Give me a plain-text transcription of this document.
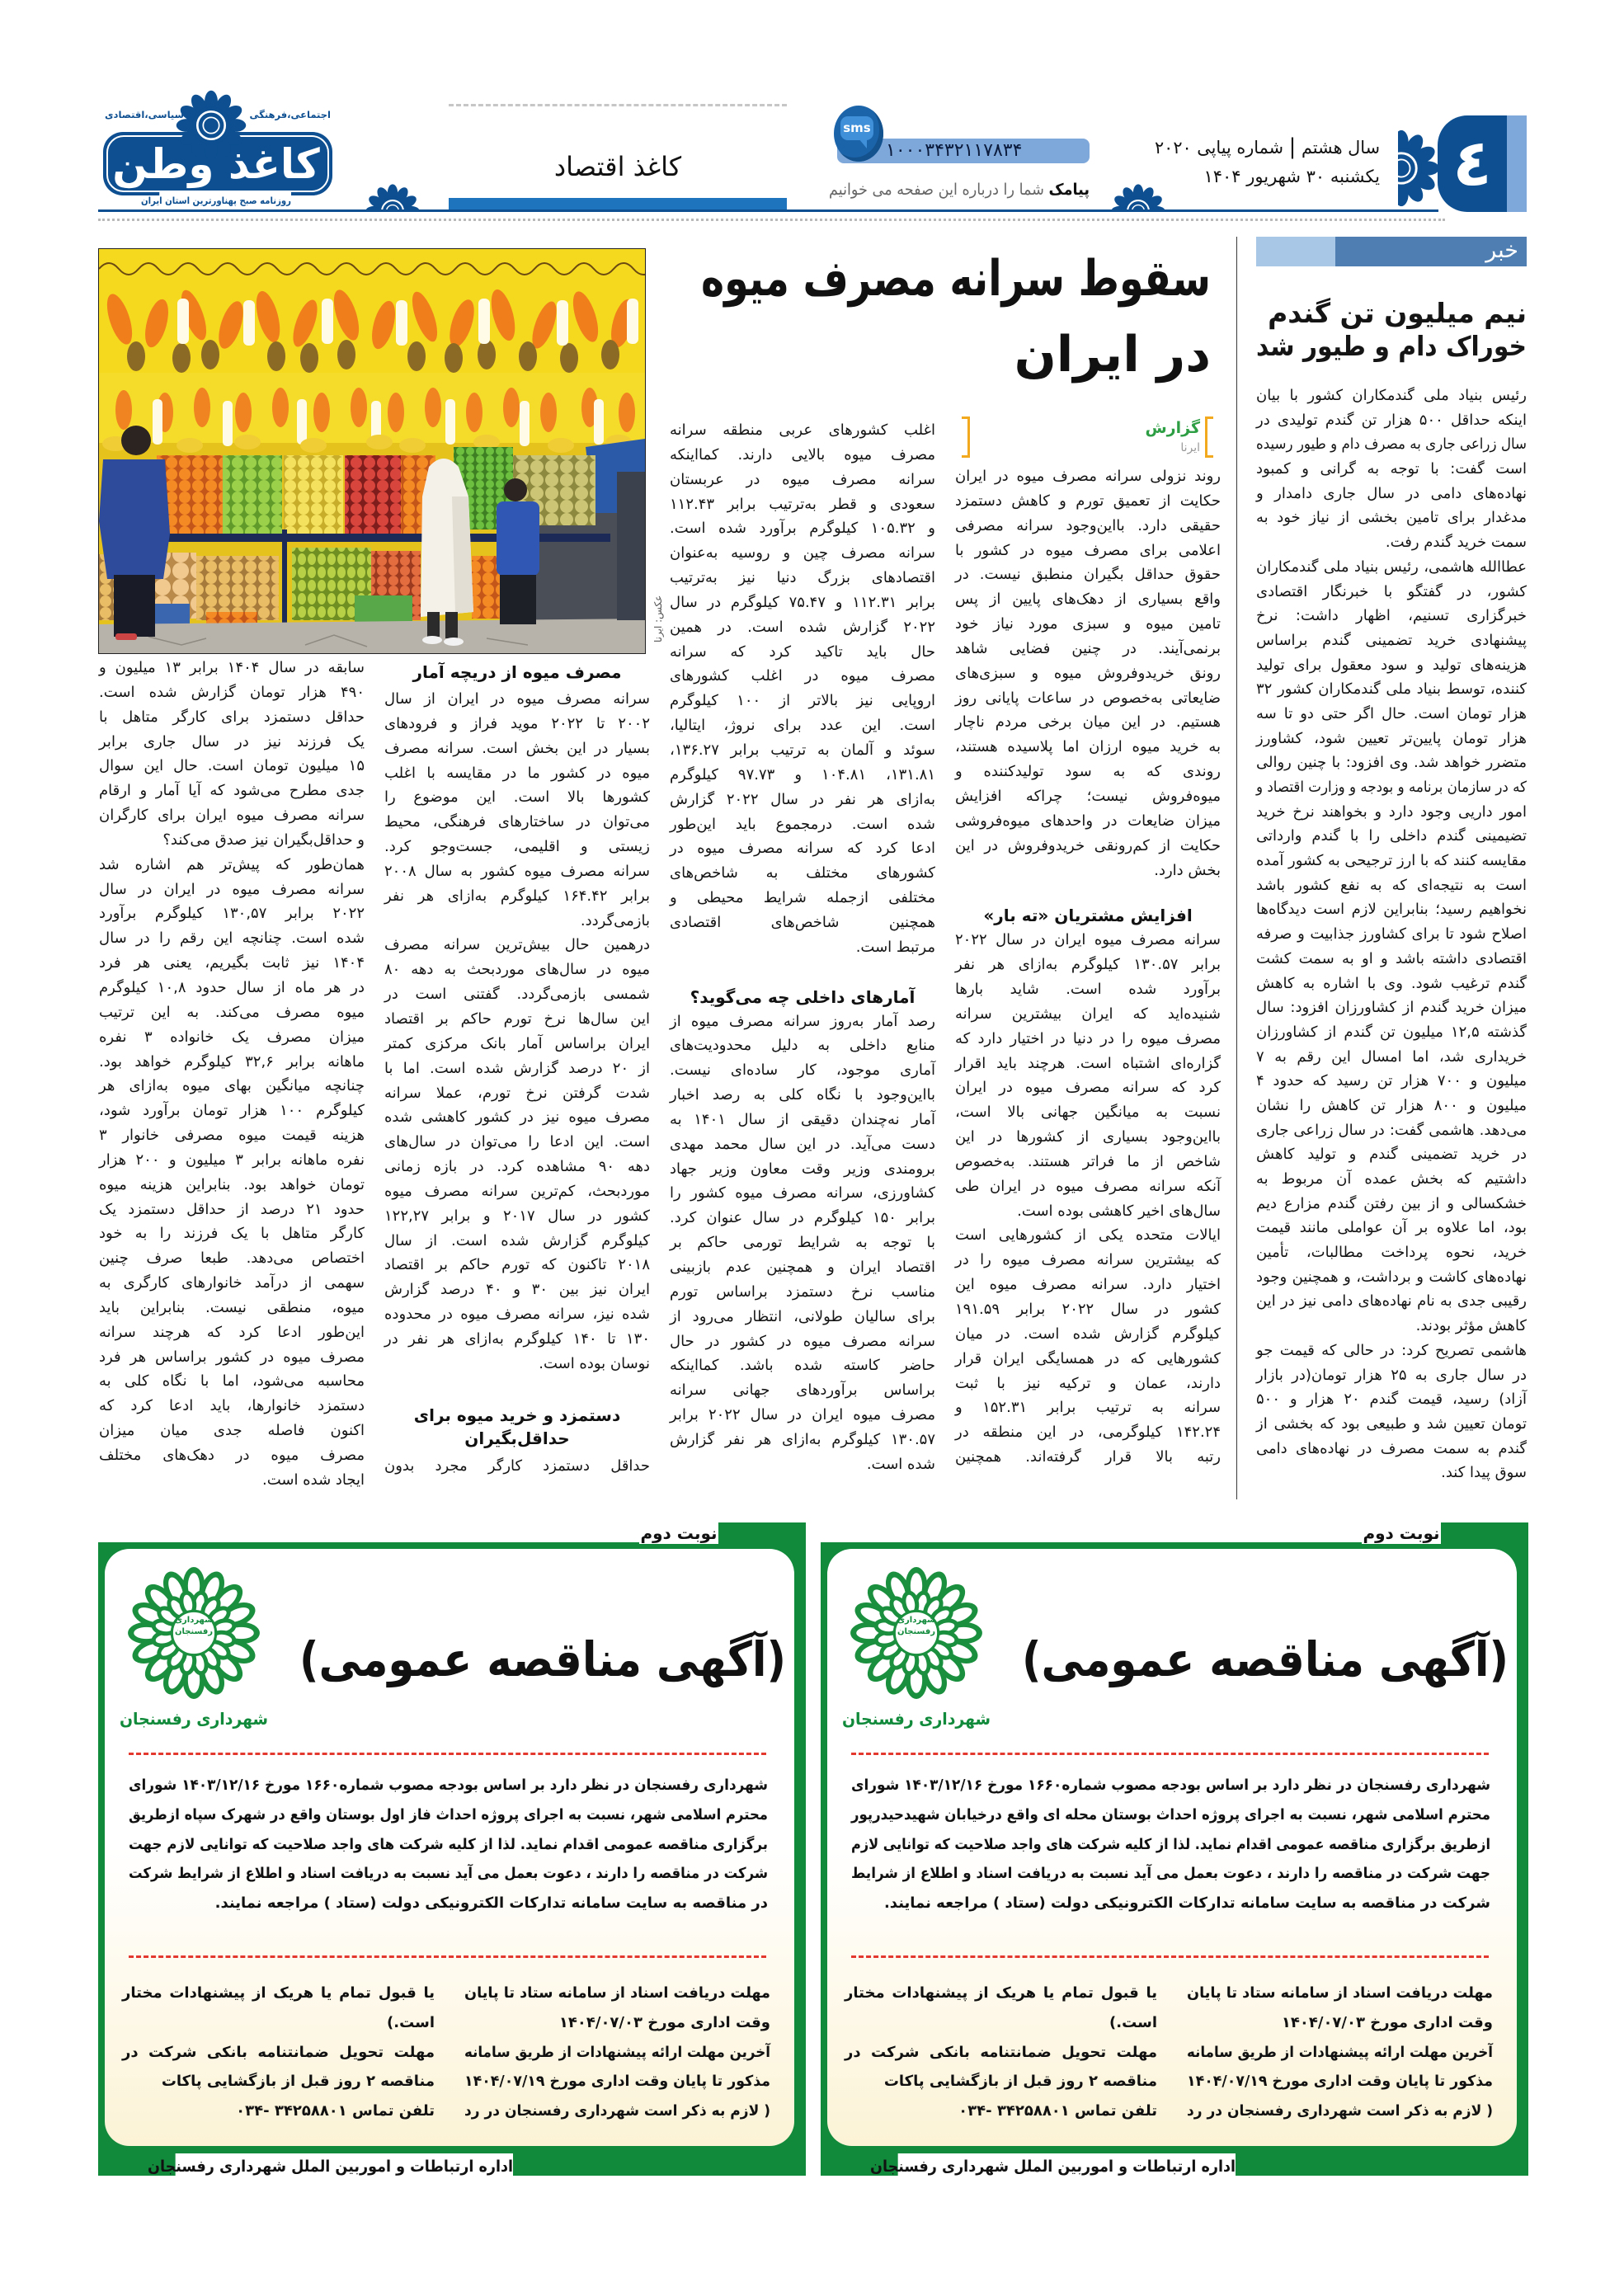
اجتماعی،فرهنگی
سیاسی،اقتصادی
کاغذ وطن
روزنامه صبح پهناورترین استان ایران
کاغذ اقتصاد
۱۰۰۰۳۴۳۲۱۱۷۸۳۴
sms
پیامک شما را درباره این صفحه می خوانیم
سال هشتم | شماره پیاپی ۲۰۲۰
یکشنبه ۳۰ شهریور ۱۴۰۴ ٤
خبر
نیم میلیون تن گندم
خوراک دام و طیور شد
رئیس بنیاد ملی گندمکاران کشور با بیان
اینکه حداقل ۵۰۰ هزار تن گندم تولیدی در
سال زراعی جاری به مصرف دام و طیور رسیده
است گفت: با توجه به گرانی و کمبود
نهاده‌های دامی در سال جاری دامدار و
مدغدار برای تامین بخشی از نیاز خود به
سمت خرید گندم رفت.
عطاالله هاشمی، رئیس بنیاد ملی گندمکاران
کشور، در گفتگو با خبرنگار اقتصادی
خبرگزاری تسنیم، اظهار داشت: نرخ
پیشنهادی خرید تضمینی گندم براساس
هزینه‌های تولید و سود معقول برای تولید
کننده، توسط بنیاد ملی گندمکاران کشور ۳۲
هزار تومان است. حال اگر حتی دو تا سه
هزار تومان پایین‌تر تعیین شود، کشاورز
متضرر خواهد شد. وی افزود: با چنین روالی
که در سازمان برنامه و بودجه و وزارت اقتصاد و
امور داریی وجود دارد و بخواهند نرخ خرید
تضیمینی گندم داخلی را با گندم وارداتی
مقایسه کنند که با ارز ترجیحی به کشور آمده
است به نتیجه‌ای که به نفع کشور باشد
نخواهیم رسید؛ بنابراین لازم است دیدگاه‌ها
اصلاح شود تا برای کشاورز جذابیت و صرفه
اقتصادی داشته باشد و او به سمت کشت
گندم ترغیب شود. وی با اشاره به کاهش
میزان خرید گندم از کشاورزان افزود: سال
گذشته ۱۲,۵ میلیون تن گندم از کشاورزان
خریداری شد، اما امسال این رقم به ۷
میلیون و ۷۰۰ هزار تن رسید که حدود ۴
میلیون و ۸۰۰ هزار تن کاهش را نشان
می‌دهد. هاشمی گفت: در سال زراعی جاری
در خرید تضمینی گندم و تولید کاهش
داشتیم که بخش عمده آن مربوط به
خشکسالی و از بین رفتن گندم مزارع دیم
بود، اما علاوه بر آن عواملی مانند قیمت
خرید، نحوه پرداخت مطالبات، تأمین
نهاده‌های کاشت و برداشت، و همچنین وجود
رقیبی جدی به نام نهاده‌های دامی نیز در این
کاهش مؤثر بودند.
هاشمی تصریح کرد: در حالی که قیمت جو
در سال جاری به ۲۵ هزار تومان(در بازار
آزاد) رسید، قیمت گندم ۲۰ هزار و ۵۰۰
تومان تعیین شد و طبیعی بود که بخشی از
گندم به سمت مصرف در نهاده‌های دامی
سوق پیدا کند.
سقوط سرانه مصرف میوه
در ایران
گزارش
ایرنا
عکس: ایرنا
روند نزولی سرانه مصرف میوه در ایران
حکایت از تعمیق تورم و کاهش دستمزد
حقیقی دارد. بااین‌وجود سرانه مصرفی
اعلامی برای مصرف میوه در کشور با
حقوق حداقل بگیران منطبق نیست. در
واقع بسیاری از دهک‌های پایین از پس
تامین میوه و سبزی مورد نیاز خود
برنمی‌آیند. در چنین فضایی شاهد
رونق خریدوفروش میوه و سبزی‌های
ضایعاتی به‌خصوص در ساعات پایانی روز
هستیم. در این میان برخی مردم ناچار
به خرید میوه ارزان اما پلاسیده هستند،
روندی که به سود تولیدکننده و
میوه‌فروش نیست؛ چراکه افزایش
میزان ضایعات در واحدهای میوه‌فروشی
حکایت از کم‌رونقی خریدوفروش در این
بخش دارد.
افزایش مشتریان «ته بار»
سرانه مصرف میوه ایران در سال ۲۰۲۲
برابر ۱۳۰.۵۷ کیلوگرم به‌ازای هر نفر
برآورد شده است. شاید بارها
شنیده‌اید که ایران بیشترین سرانه
مصرف میوه را در دنیا در اختیار دارد که
گزاره‌ای اشتباه است. هرچند باید اقرار
کرد که سرانه مصرف میوه در ایران
نسبت به میانگین جهانی بالا است،
بااین‌وجود بسیاری از کشورها در این
شاخص از ما فراتر هستند. به‌خصوص
آنکه سرانه مصرف میوه در ایران طی
سال‌های اخیر کاهشی بوده است.
ایالات متحده یکی از کشورهایی است
که بیشترین سرانه مصرف میوه را در
اختیار دارد. سرانه مصرف میوه این
کشور در سال ۲۰۲۲ برابر ۱۹۱.۵۹
کیلوگرم گزارش شده است. در میان
کشورهایی که در همسایگی ایران قرار
دارند، عمان و ترکیه نیز با ثبت
سرانه به ترتیب برابر ۱۵۲.۳۱ و
۱۴۲.۲۴ کیلوگرمی، در این منطقه در
رتبه بالا قرار گرفته‌اند. همچنین
اغلب کشورهای عربی منطقه سرانه
مصرف میوه بالایی دارند. کمااینکه
سرانه مصرف میوه در عربستان
سعودی و قطر به‌ترتیب برابر ۱۱۲.۴۳
و ۱۰۵.۳۲ کیلوگرم برآورد شده است.
سرانه مصرف چین و روسیه به‌عنوان
اقتصادهای بزرگ دنیا نیز به‌ترتیب
برابر ۱۱۲.۳۱ و ۷۵.۴۷ کیلوگرم در سال
۲۰۲۲ گزارش شده است. در همین
حال باید تاکید کرد که سرانه
مصرف میوه در اغلب کشورهای
اروپایی نیز بالاتر از ۱۰۰ کیلوگرم
است. این عدد برای نروژ، ایتالیا،
سوئد و آلمان به ترتیب برابر ۱۳۶.۲۷،
۱۳۱.۸۱، ۱۰۴.۸۱ و ۹۷.۷۳ کیلوگرم
به‌ازای هر نفر در سال ۲۰۲۲ گزارش
شده است. درمجموع باید این‌طور
ادعا کرد که سرانه مصرف میوه در
کشورهای مختلف به شاخص‌های
مختلفی ازجمله شرایط محیطی و
همچنین شاخص‌های اقتصادی
مرتبط است.
آمارهای داخلی چه می‌گوید؟
رصد آمار به‌روز سرانه مصرف میوه از
منابع داخلی به دلیل محدودیت‌های
آماری موجود، کار ساده‌ای نیست.
بااین‌وجود با نگاه کلی به رصد اخبار
آمار نه‌چندان دقیقی از سال ۱۴۰۱ به
دست می‌آید. در این سال محمد مهدی
برومندی وزیر وقت معاون وزیر جهاد
کشاورزی، سرانه مصرف میوه کشور را
برابر ۱۵۰ کیلوگرم در سال عنوان کرد.
با توجه به شرایط تورمی حاکم بر
اقتصاد ایران و همچنین عدم بازبینی
مناسب نرخ دستمزد براساس تورم
برای سالیان طولانی، انتظار می‌رود از
سرانه مصرف میوه در کشور در حال
حاضر کاسته شده باشد. کمااینکه
براساس برآوردهای جهانی سرانه
مصرف میوه ایران در سال ۲۰۲۲ برابر
۱۳۰.۵۷ کیلوگرم به‌ازای هر نفر گزارش
شده است.
مصرف میوه از دریچه آمار
سرانه مصرف میوه در ایران از سال
۲۰۰۲ تا ۲۰۲۲ موید فراز و فرودهای
بسیار در این بخش است. سرانه مصرف
میوه در کشور ما در مقایسه با اغلب
کشورها بالا است. این موضوع را
می‌توان در ساختارهای فرهنگی، محیط
زیستی و اقلیمی، جست‌وجو کرد.
سرانه مصرف میوه کشور به سال ۲۰۰۸
برابر ۱۶۴.۴۲ کیلوگرم به‌ازای هر نفر
بازمی‌گردد.
درهمین حال بیش‌ترین سرانه مصرف
میوه در سال‌های موردبحث به دهه ۸۰
شمسی بازمی‌گردد. گفتنی است در
این سال‌ها نرخ تورم حاکم بر اقتصاد
ایران براساس آمار بانک مرکزی کمتر
از ۲۰ درصد گزارش شده است. اما با
شدت گرفتن نرخ تورم، عملا سرانه
مصرف میوه نیز در کشور کاهشی شده
است. این ادعا را می‌توان در سال‌های
دهه ۹۰ مشاهده کرد. در بازه زمانی
موردبحث، کم‌ترین سرانه مصرف میوه
کشور در سال ۲۰۱۷ و برابر ۱۲۲,۲۷
کیلوگرم گزارش شده است. از سال
۲۰۱۸ تاکنون که تورم حاکم بر اقتصاد
ایران نیز بین ۳۰ و ۴۰ درصد گزارش
شده نیز، سرانه مصرف میوه در محدوده
۱۳۰ تا ۱۴۰ کیلوگرم به‌ازای هر نفر در
نوسان بوده است.
دستمزد و خرید میوه برای
حداقل‌بگیران
حداقل دستمزد کارگر مجرد بدون
سابقه در سال ۱۴۰۴ برابر ۱۳ میلیون و
۴۹۰ هزار تومان گزارش شده است.
حداقل دستمزد برای کارگر متاهل با
یک فرزند نیز در سال جاری برابر
۱۵ میلیون تومان است. حال این سوال
جدی مطرح می‌شود که آیا آمار و ارقام
سرانه مصرف میوه ایران برای کارگران
و حداقل‌بگیران نیز صدق می‌کند؟
همان‌طور که پیش‌تر هم اشاره شد
سرانه مصرف میوه در ایران در سال
۲۰۲۲ برابر ۱۳۰,۵۷ کیلوگرم برآورد
شده است. چنانچه این رقم را در سال
۱۴۰۴ نیز ثابت بگیریم، یعنی هر فرد
در هر ماه از سال حدود ۱۰,۸ کیلوگرم
میوه مصرف می‌کند. به این ترتیب
میزان مصرف یک خانواده ۳ نفره
ماهانه برابر ۳۲,۶ کیلوگرم خواهد بود.
چنانچه میانگین بهای میوه به‌ازای هر
کیلوگرم ۱۰۰ هزار تومان برآورد شود،
هزینه قیمت میوه مصرفی خانوار ۳
نفره ماهانه برابر ۳ میلیون و ۲۰۰ هزار
تومان خواهد بود. بنابراین هزینه میوه
حدود ۲۱ درصد از حداقل دستمزد یک
کارگر متاهل با یک فرزند را به خود
اختصاص می‌دهد. طبعا صرف چنین
سهمی از درآمد خانوارهای کارگری به
میوه، منطقی نیست. بنابراین باید
این‌طور ادعا کرد که هرچند سرانه
مصرف میوه در کشور براساس هر فرد
محاسبه می‌شود، اما با نگاه کلی به
دستمزد خانوارها، باید ادعا کرد که
اکنون فاصله جدی میان میزان
مصرف میوه در دهک‌های مختلف
ایجاد شده است.
نوبت دوم
شهرداری رفسنجان
شهرداری رفسنجان
(آگهی مناقصه عمومی)
شهرداری رفسنجان در نظر دارد بر اساس بودجه مصوب شماره۱۶۶۰ مورخ ۱۴۰۳/۱۲/۱۶ شورای
محترم اسلامی شهر، نسبت به اجرای پروژه احداث بوستان محله ای واقع درخیابان شهیدحیدرپور
ازطریق برگزاری مناقصه عمومی اقدام نماید. لذا از کلیه شرکت های واجد صلاحیت که توانایی لازم
جهت شرکت در مناقصه را دارند ، دعوت بعمل می آید نسبت به دریافت اسناد و اطلاع از شرایط
شرکت در مناقصه به سایت سامانه تدارکات الکترونیکی دولت (ستاد ) مراجعه نمایند.
مهلت دریافت اسناد از سامانه ستاد تا پایان
وقت اداری مورخ ۱۴۰۴/۰۷/۰۳
آخرین مهلت ارائه پیشنهادات از طریق سامانه
مذکور تا پایان وقت اداری مورخ ۱۴۰۴/۰۷/۱۹
( لازم به ذکر است شهرداری رفسنجان در رد
یا قبول تمام یا هریک از پیشنهادات مختار
است.)
مهلت تحویل ضمانتنامه بانکی شرکت در
مناقصه ۲ روز قبل از بازگشایی پاکات
تلفن تماس ۳۴۲۵۸۸۰۱ -۰۳۴
اداره ارتباطات و اموربین الملل شهرداری رفسنجان
نوبت دوم
شهرداری رفسنجان
شهرداری رفسنجان
(آگهی مناقصه عمومی)
شهرداری رفسنجان در نظر دارد بر اساس بودجه مصوب شماره۱۶۶۰ مورخ ۱۴۰۳/۱۲/۱۶ شورای
محترم اسلامی شهر، نسبت به اجرای پروژه احداث فاز اول بوستان واقع در شهرک سپاه ازطریق
برگزاری مناقصه عمومی اقدام نماید. لذا از کلیه شرکت های واجد صلاحیت که توانایی لازم جهت
شرکت در مناقصه را دارند ، دعوت بعمل می آید نسبت به دریافت اسناد و اطلاع از شرایط شرکت
در مناقصه به سایت سامانه تدارکات الکترونیکی دولت (ستاد ) مراجعه نمایند.
مهلت دریافت اسناد از سامانه ستاد تا پایان
وقت اداری مورخ ۱۴۰۴/۰۷/۰۳
آخرین مهلت ارائه پیشنهادات از طریق سامانه
مذکور تا پایان وقت اداری مورخ ۱۴۰۴/۰۷/۱۹
( لازم به ذکر است شهرداری رفسنجان در رد
یا قبول تمام یا هریک از پیشنهادات مختار
است.)
مهلت تحویل ضمانتنامه بانکی شرکت در
مناقصه ۲ روز قبل از بازگشایی پاکات
تلفن تماس ۳۴۲۵۸۸۰۱ -۰۳۴
اداره ارتباطات و اموربین الملل شهرداری رفسنجان
